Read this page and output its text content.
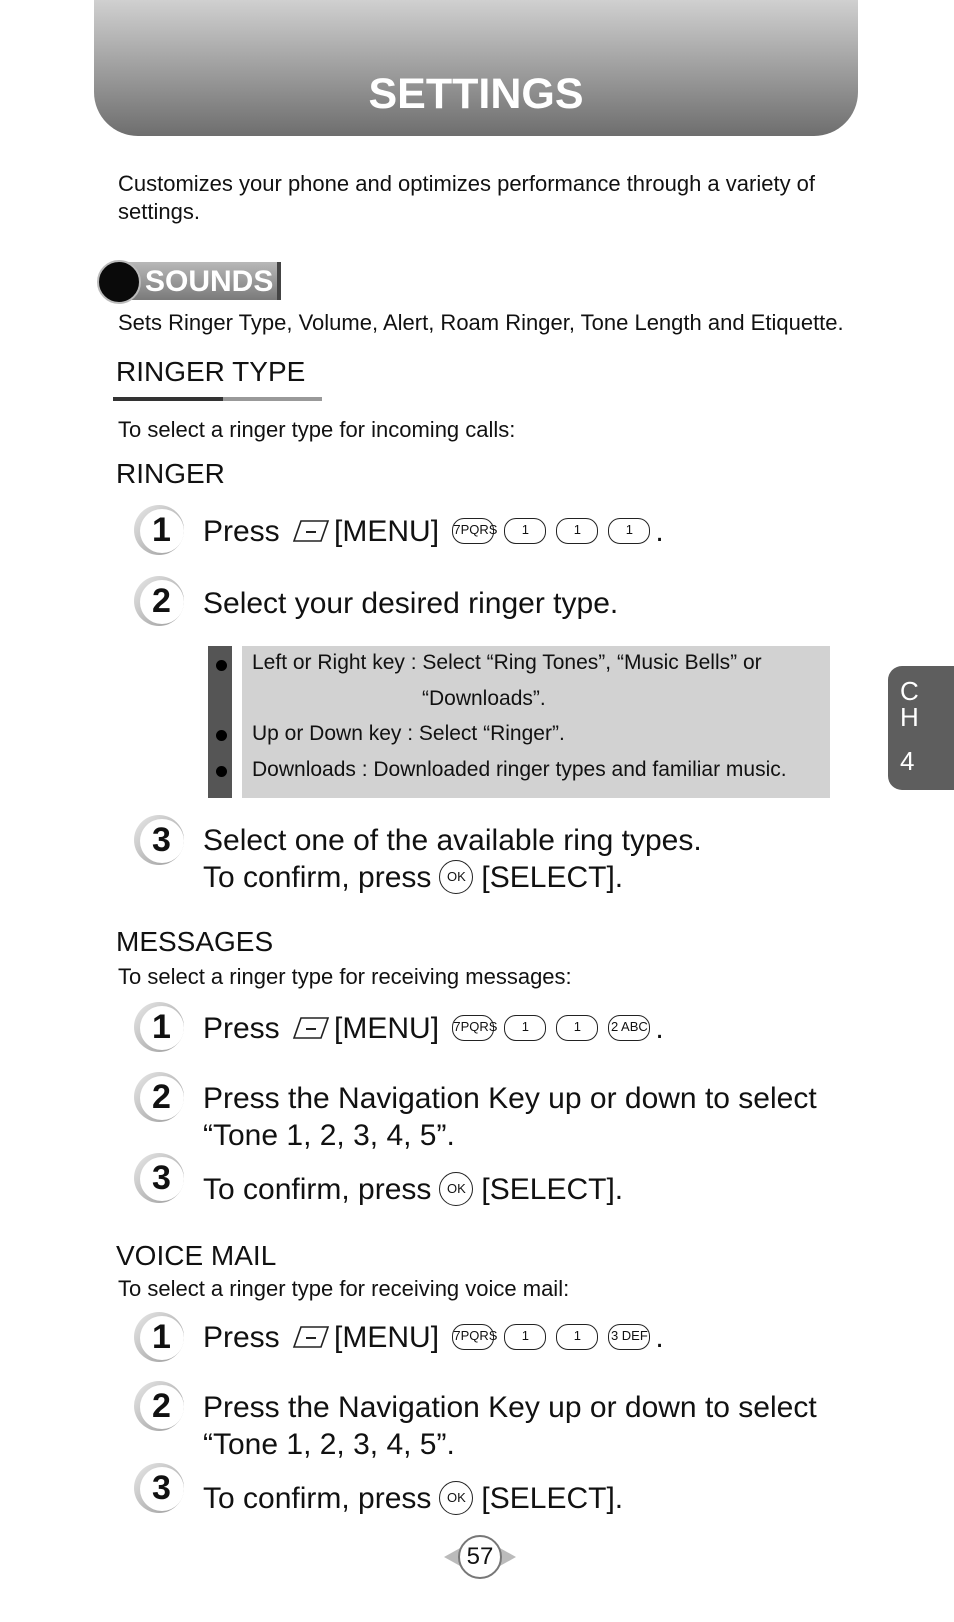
SETTINGS
Customizes your phone and optimizes performance through a variety of settings.
SOUNDS
Sets Ringer Type, Volume, Alert, Roam Ringer, Tone Length and Etiquette.
RINGER TYPE
To select a ringer type for incoming calls:
RINGER
1 Press [MENU] 7PQRS 1	1	1 .
2 Select your desired ringer type.
Left or Right key : Select “Ring Tones”, “Music Bells” or
“Downloads”.
Up or Down key : Select “Ringer”.
Downloads : Downloaded ringer types and familiar music.
3 Select one of the available ring types.
To confirm, press OK [SELECT].
MESSAGES
To select a ringer type for receiving messages:
1 Press [MENU] 7PQRS 1	1 2 ABC .
2 Press the Navigation Key up or down to select
“Tone 1, 2, 3, 4, 5”.
3 To confirm, press OK [SELECT].
VOICE MAIL
To select a ringer type for receiving voice mail:
1 Press [MENU] 7PQRS 1	1 3 DEF .
2 Press the Navigation Key up or down to select
“Tone 1, 2, 3, 4, 5”.
3 To confirm, press OK [SELECT].
C
H
4
57
